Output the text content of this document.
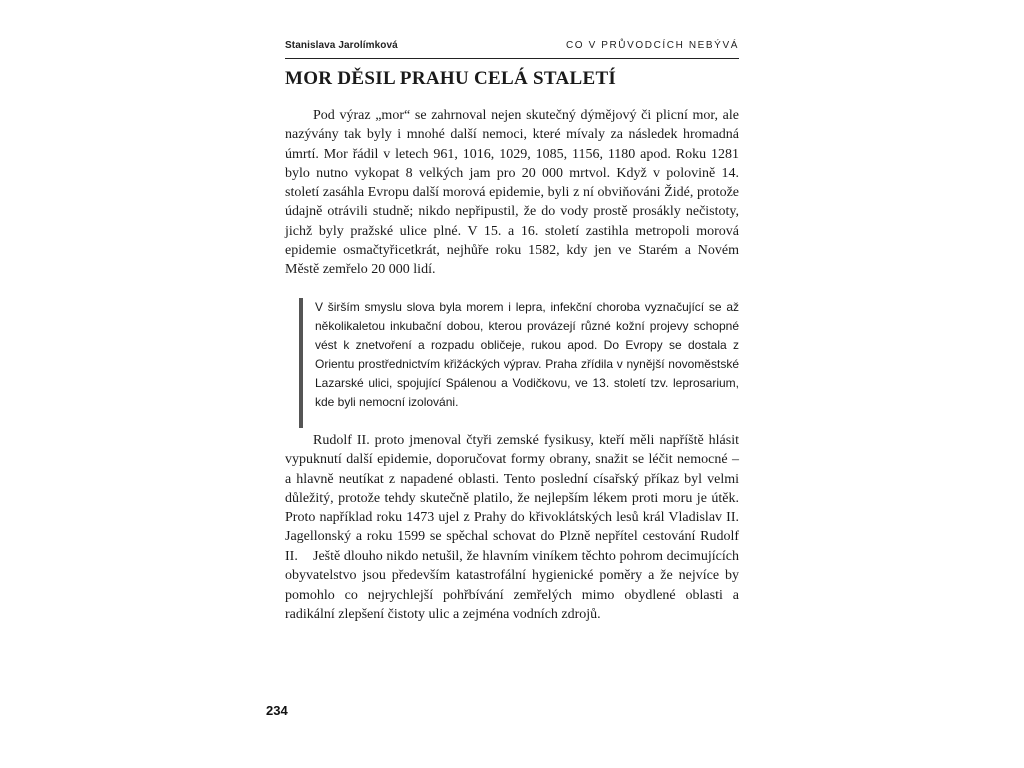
Stanislava Jarolímková	CO V PRŮVODCÍCH NEBÝVÁ
MOR DĚSIL PRAHU CELÁ STALETÍ

Pod výraz „mor“ se zahrnoval nejen skutečný dýmějový či plicní mor, ale nazývány tak byly i mnohé další nemoci, které mívaly za následek hromadná úmrtí. Mor řádil v letech 961, 1016, 1029, 1085, 1156, 1180 apod. Roku 1281 bylo nutno vykopat 8 velkých jam pro 20 000 mrtvol. Když v polovině 14. století zasáhla Evropu další morová epidemie, byli z ní obviňováni Židé, protože údajně otrávili studně; nikdo nepřipustil, že do vody prostě prosákly nečistoty, jichž byly pražské ulice plné. V 15. a 16. století zastihla metropoli morová epidemie osmačtyřicetkrát, nejhůře roku 1582, kdy jen ve Starém a Novém Městě zemřelo 20 000 lidí.

V širším smyslu slova byla morem i lepra, infekční choroba vyznačující se až několikaletou inkubační dobou, kterou provázejí různé kožní projevy schopné vést k znetvoření a rozpadu obličeje, rukou apod. Do Evropy se dostala z Orientu prostřednictvím křižáckých výprav. Praha zřídila v nynější novoměstské Lazarské ulici, spojující Spálenou a Vodičkovu, ve 13. století tzv. leprosarium, kde byli nemocní izolováni.

Rudolf II. proto jmenoval čtyři zemské fysikusy, kteří měli napříště hlásit vypuknutí další epidemie, doporučovat formy obrany, snažit se léčit nemocné – a hlavně neutíkat z napadené oblasti. Tento poslední císařský příkaz byl velmi důležitý, protože tehdy skutečně platilo, že nejlepším lékem proti moru je útěk. Proto například roku 1473 ujel z Prahy do křivoklátských lesů král Vladislav II. Jagellonský a roku 1599 se spěchal schovat do Plzně nepřítel cestování Rudolf II.	Ještě dlouho nikdo netušil, že hlavním viníkem těchto pohrom decimujících obyvatelstvo jsou především katastrofální hygienické poměry a že nejvíce by pomohlo co nejrychlejší pohřbívání zemřelých mimo obydlené oblasti a radikální zlepšení čistoty ulic a zejména vodních zdrojů.

234
